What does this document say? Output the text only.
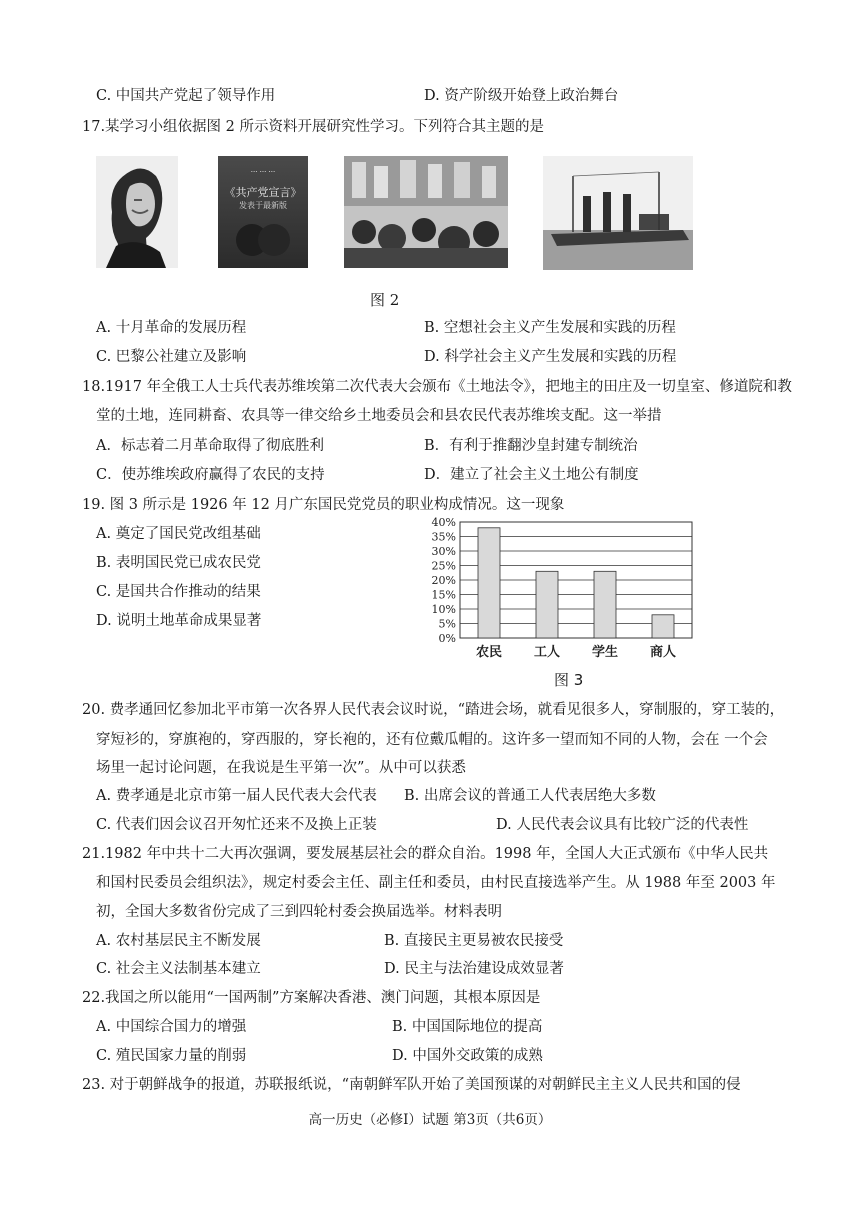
C. 中国共产党起了领导作用	D. 资产阶级开始登上政治舞台
17.某学习小组依据图 2 所示资料开展研究性学习。下列符合其主题的是
··· ··· ···
《共产党宣言》
发表于最新版
图 2
A. 十月革命的发展历程	B. 空想社会主义产生发展和实践的历程
C. 巴黎公社建立及影响	D. 科学社会主义产生发展和实践的历程
18.1917 年全俄工人士兵代表苏维埃第二次代表大会颁布《土地法令》，把地主的田庄及一切皇室、修道院和教
堂的土地，连同耕畜、农具等一律交给乡土地委员会和县农民代表苏维埃支配。这一举措
A．标志着二月革命取得了彻底胜利	B．有利于推翻沙皇封建专制统治
C．使苏维埃政府赢得了农民的支持	D．建立了社会主义土地公有制度
19. 图 3 所示是 1926 年 12 月广东国民党党员的职业构成情况。这一现象
A. 奠定了国民党改组基础
B. 表明国民党已成农民党
C. 是国共合作推动的结果
D. 说明土地革命成果显著
0%
5%
10%
15%
20%
25%
30%
35%
40%
农民 工人 学生 商人
图 3
20. 费孝通回忆参加北平市第一次各界人民代表会议时说，“踏进会场，就看见很多人，穿制服的，穿工装的，
穿短衫的，穿旗袍的，穿西服的，穿长袍的，还有位戴瓜帽的。这许多一望而知不同的人物，会在 一个会
场里一起讨论问题，在我说是生平第一次”。从中可以获悉
A. 费孝通是北京市第一届人民代表大会代表 B. 出席会议的普通工人代表居绝大多数
C. 代表们因会议召开匆忙还来不及换上正装	D. 人民代表会议具有比较广泛的代表性
21.1982 年中共十二大再次强调，要发展基层社会的群众自治。1998 年，全国人大正式颁布《中华人民共
和国村民委员会组织法》，规定村委会主任、副主任和委员，由村民直接选举产生。从 1988 年至 2003 年
初，全国大多数省份完成了三到四轮村委会换届选举。材料表明
A. 农村基层民主不断发展	B. 直接民主更易被农民接受
C. 社会主义法制基本建立	D. 民主与法治建设成效显著
22.我国之所以能用“一国两制”方案解决香港、澳门问题，其根本原因是
A. 中国综合国力的增强	B. 中国国际地位的提高
C. 殖民国家力量的削弱	D. 中国外交政策的成熟
23. 对于朝鲜战争的报道，苏联报纸说，“南朝鲜军队开始了美国预谋的对朝鲜民主主义人民共和国的侵
高一历史（必修Ⅰ）试题 第3页（共6页）
